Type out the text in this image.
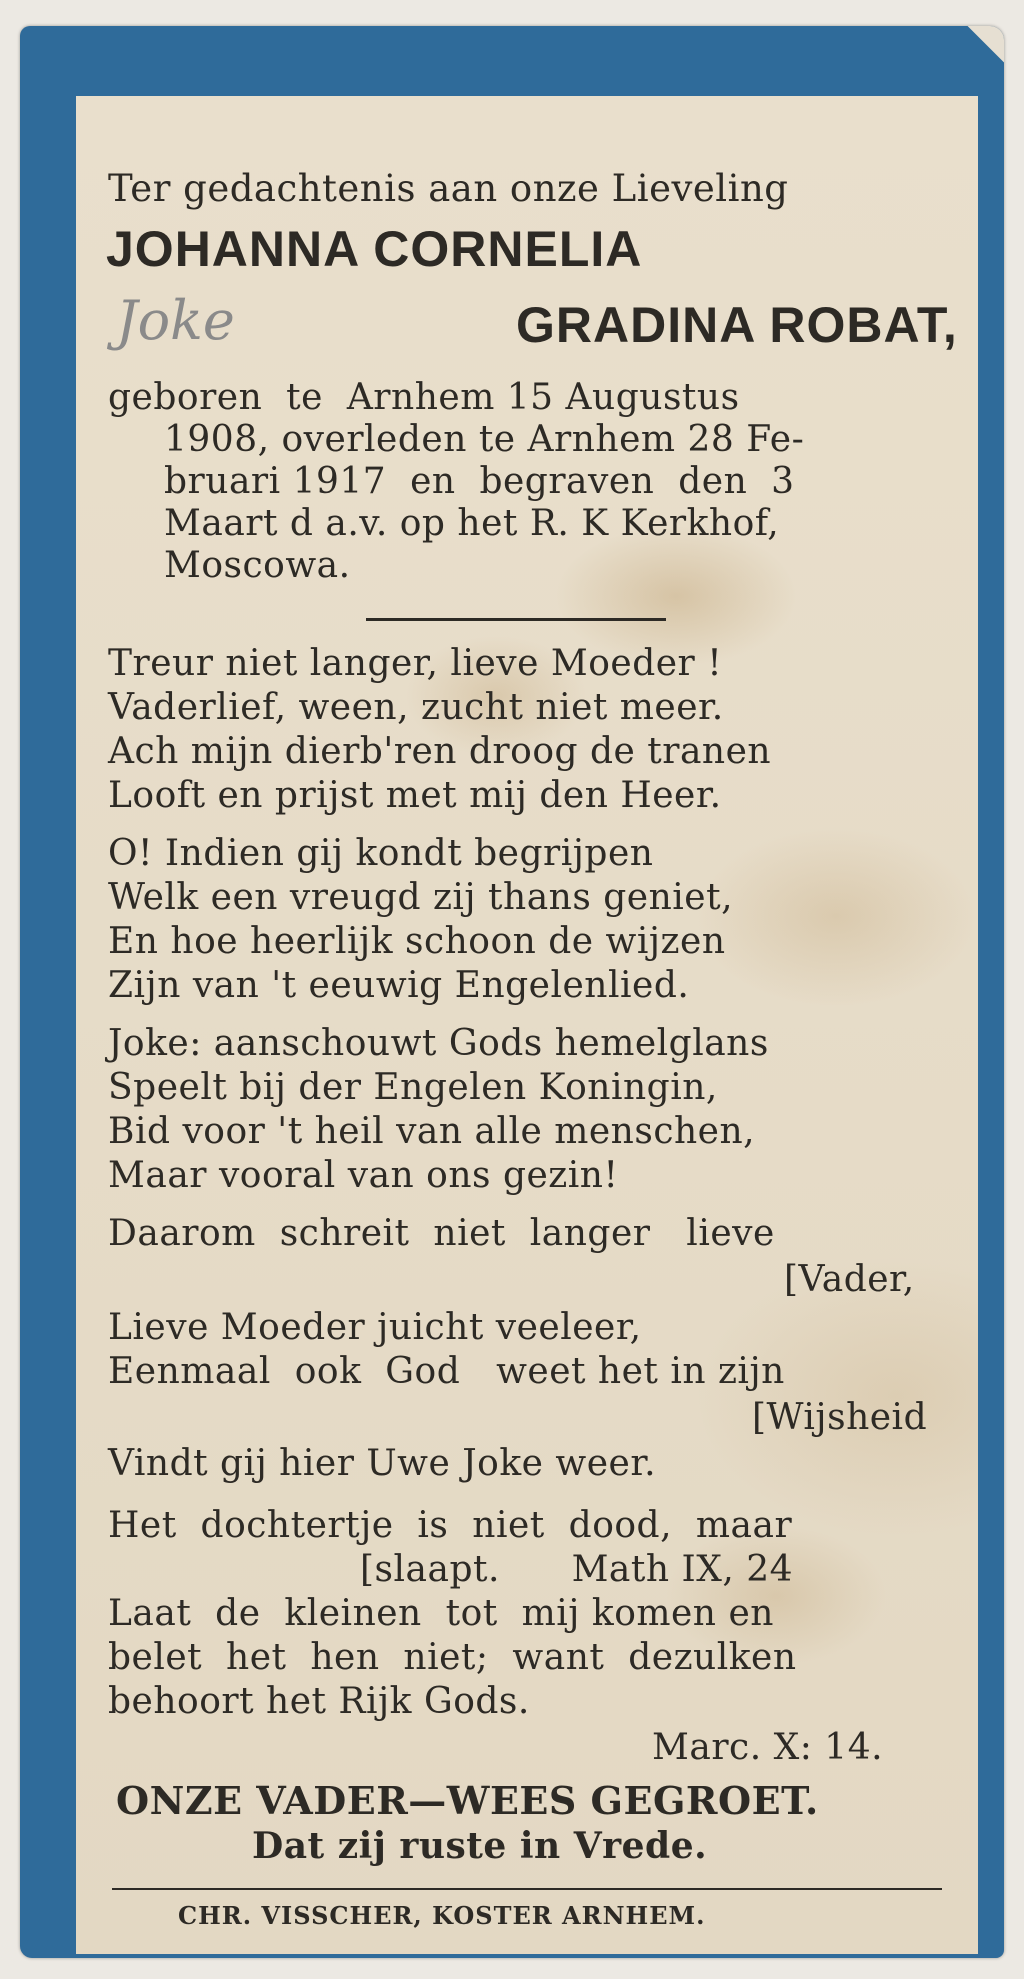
Ter gedachtenis aan onze Lieveling
JOHANNA CORNELIA
Joke	GRADINA ROBAT,
geboren  te  Arnhem 15 Augustus
1908, overleden te Arnhem 28 Fe-
bruari 1917  en  begraven  den  3
Maart d a.v. op het R. K Kerkhof,
Moscowa.
Treur niet langer, lieve Moeder !
Vaderlief, ween, zucht niet meer.
Ach mijn dierb'ren droog de tranen
Looft en prijst met mij den Heer.
O! Indien gij kondt begrijpen
Welk een vreugd zij thans geniet,
En hoe heerlijk schoon de wijzen
Zijn van 't eeuwig Engelenlied.
Joke: aanschouwt Gods hemelglans
Speelt bij der Engelen Koningin,
Bid voor 't heil van alle menschen,
Maar vooral van ons gezin!
Daarom  schreit  niet  langer   lieve
[Vader,
Lieve Moeder juicht veeleer,
Eenmaal  ook  God   weet het in zijn
[Wijsheid
Vindt gij hier Uwe Joke weer.
Het  dochtertje  is  niet  dood,  maar
[slaapt.      Math IX, 24
Laat  de  kleinen  tot  mij komen en
belet  het  hen  niet;  want  dezulken
behoort het Rijk Gods.
Marc. X: 14.
ONZE VADER—WEES GEGROET.
Dat zij ruste in Vrede.
CHR. VISSCHER, KOSTER ARNHEM.
